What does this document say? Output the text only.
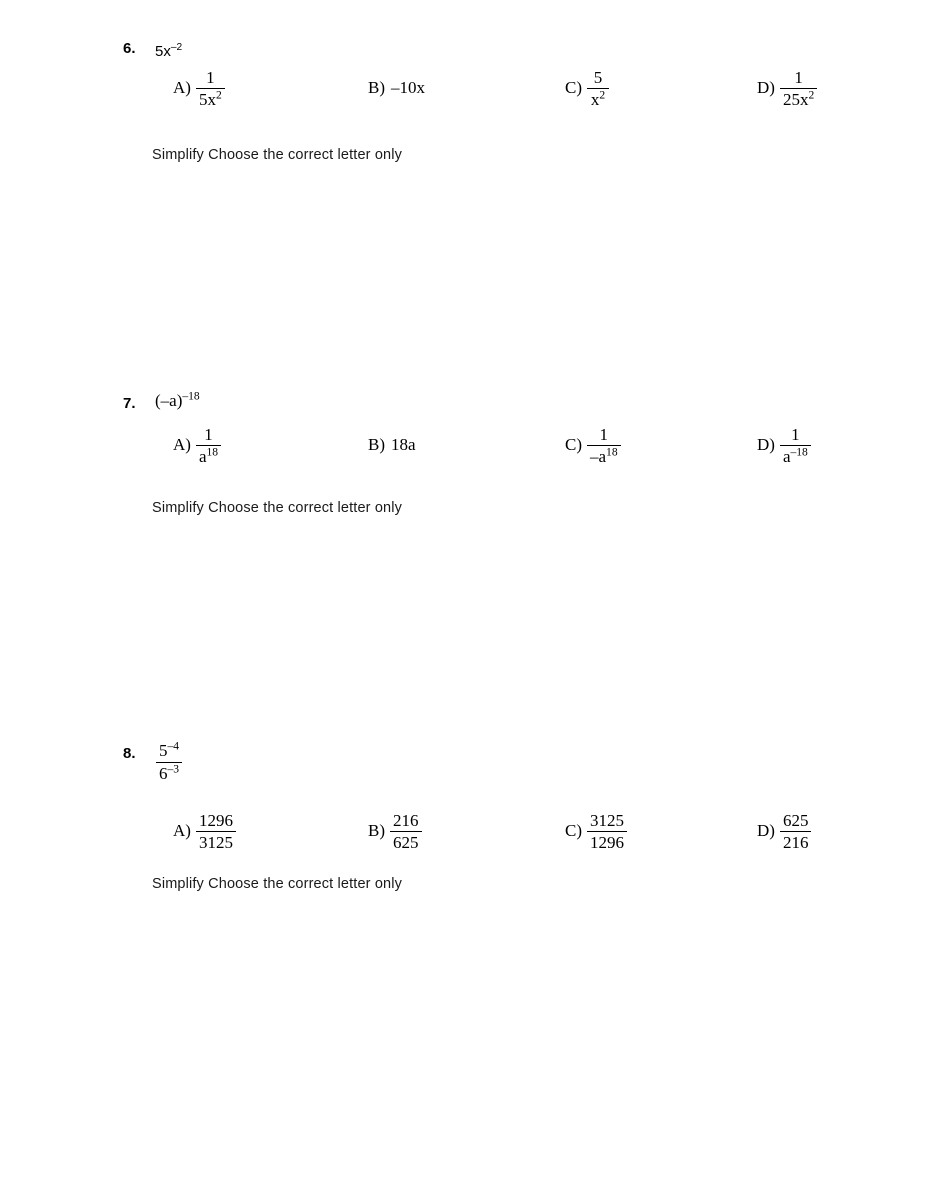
6.	$5x^{-2}$
$A) \frac{1}{5x^2}$	B) –10x	$C) \frac{5}{x^2}$	$D) \frac{1}{25x^2}$
Simplify Choose the correct letter only
7.	$(-a)^{-18}$
$A) \frac{1}{a^{18}}$	B) 18a	$C) \frac{1}{-a^{18}}$	$D) \frac{1}{a^{-18}}$
Simplify Choose the correct letter only
8.	$\frac{5^{-4}}{6^{-3}}$
$A) \frac{1296}{3125}$	$B) \frac{216}{625}$	$C) \frac{3125}{1296}$	$D) \frac{625}{216}$
Simplify Choose the correct letter only
